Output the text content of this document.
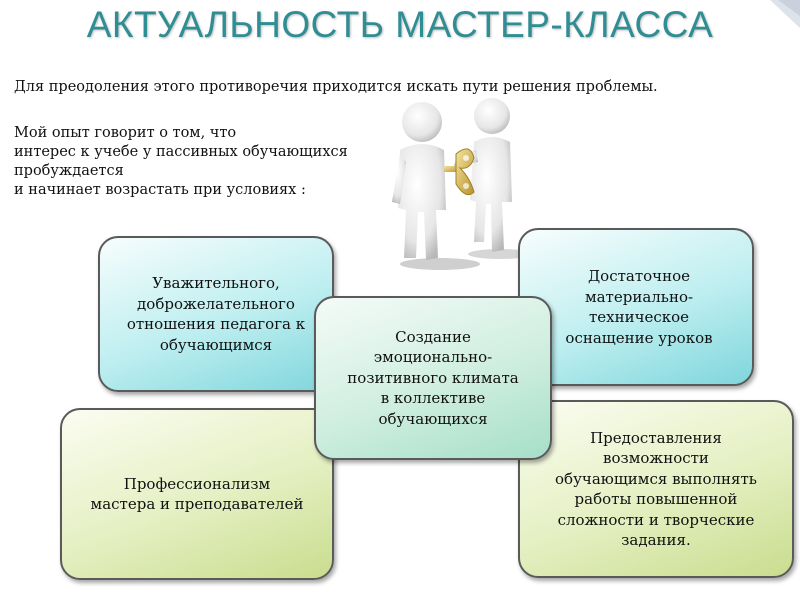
АКТУАЛЬНОСТЬ МАСТЕР-КЛАССА
Для преодоления этого противоречия приходится искать пути решения проблемы.
Мой опыт говорит о том, что
интерес к учебе у пассивных обучающихся
пробуждается
и начинает возрастать при условиях :
Уважительного,
доброжелательного
отношения педагога к
обучающимся
Достаточное
материально-
техническое
оснащение уроков
Профессионализм
мастера и преподавателей
Предоставления
возможности
обучающимся выполнять
работы повышенной
сложности и творческие
задания.
Создание
эмоционально-
позитивного климата
в коллективе
обучающихся
